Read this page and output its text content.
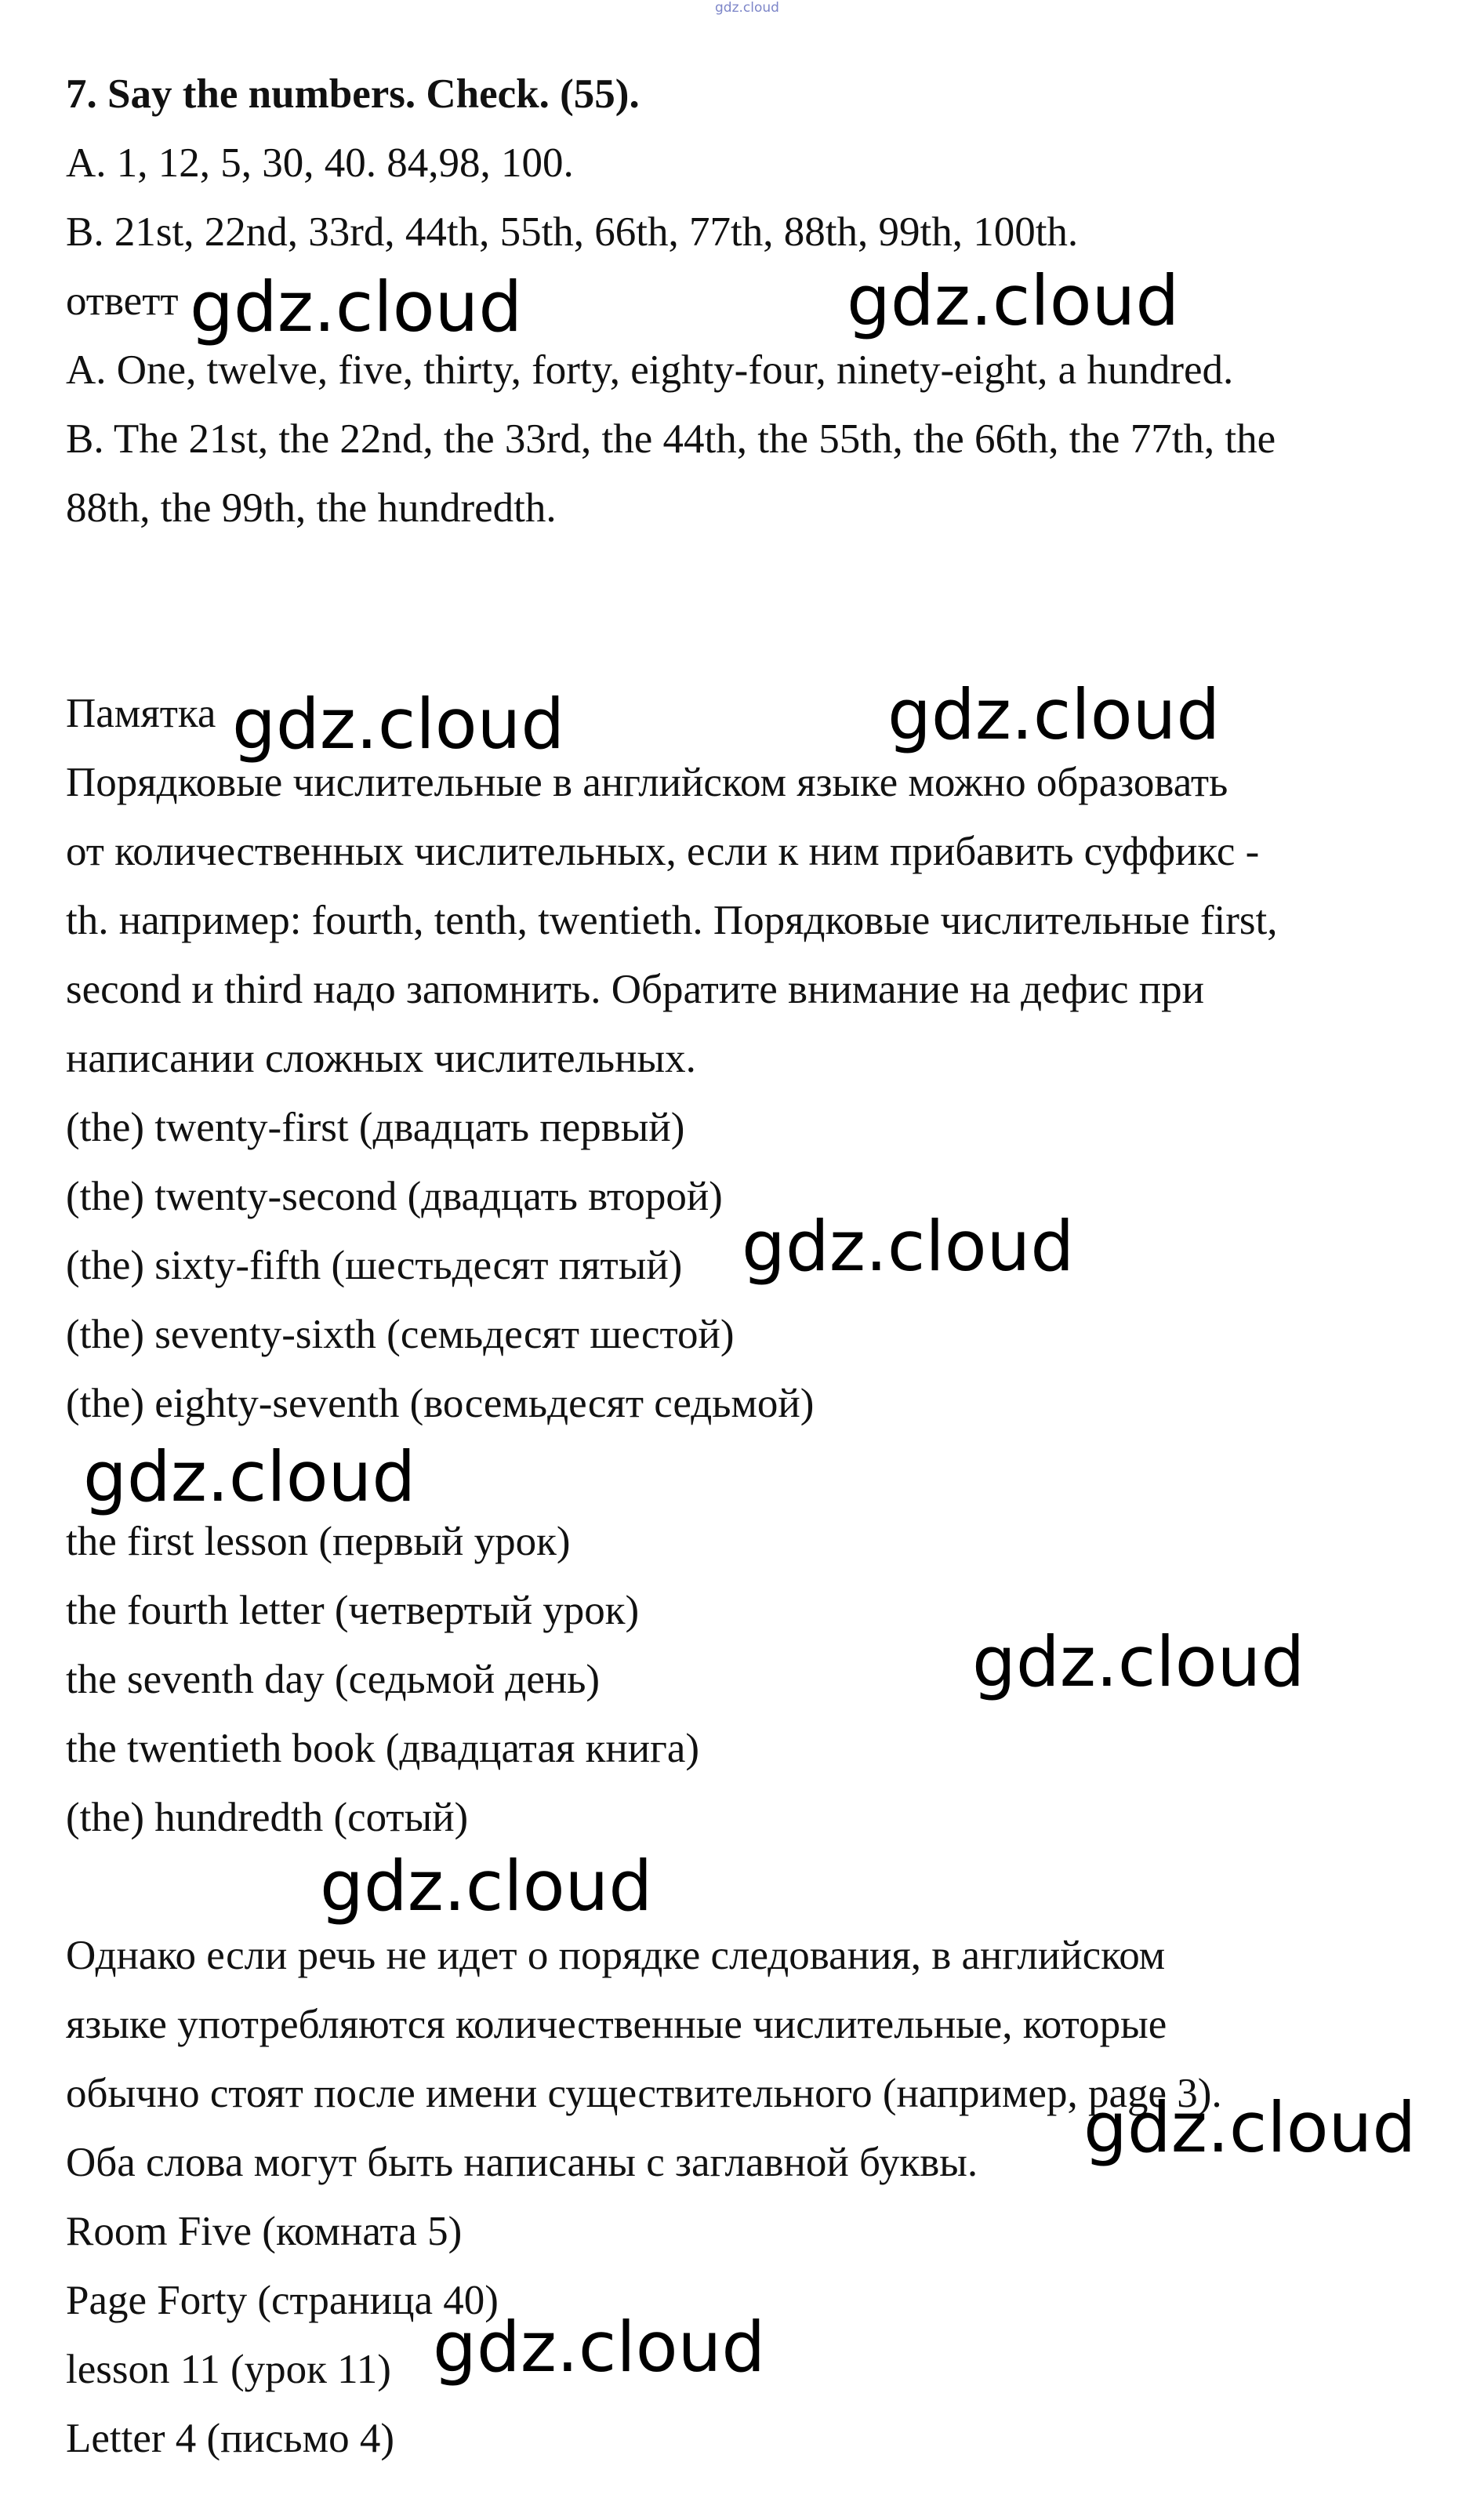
gdz.cloud

7. Say the numbers. Check. (55).

A. 1, 12, 5, 30, 40. 84,98, 100.

B. 21st, 22nd, 33rd, 44th, 55th, 66th, 77th, 88th, 99th, 100th.

ответт

A. One, twelve, five, thirty, forty, eighty-four, ninety-eight, a hundred.

B. The 21st, the 22nd, the 33rd, the 44th, the 55th, the 66th, the 77th, the

88th, the 99th, the hundredth.

Памятка

Порядковые числительные в английском языке можно образовать

от количественных числительных, если к ним прибавить суффикс -

th. например: fourth, tenth, twentieth. Порядковые числительные first,

second и third надо запомнить. Обратите внимание на дефис при

написании сложных числительных.

(the) twenty-first (двадцать первый)

(the) twenty-second (двадцать второй)

(the) sixty-fifth (шестьдесят пятый)

(the) seventy-sixth (семьдесят шестой)

(the) eighty-seventh (восемьдесят седьмой)

the first lesson (первый урок)

the fourth letter (четвертый урок)

the seventh day (седьмой день)

the twentieth book (двадцатая книга)

(the) hundredth (сотый)

Однако если речь не идет о порядке следования, в английском

языке употребляются количественные числительные, которые

обычно стоят после имени существительного (например, page 3).

Оба слова могут быть написаны с заглавной буквы.

Room Five (комната 5)

Page Forty (страница 40)

lesson 11 (урок 11)

Letter 4 (письмо 4)

gdz.cloud	gdz.cloud
gdz.cloud	gdz.cloud
gdz.cloud
gdz.cloud
gdz.cloud
gdz.cloud
gdz.cloud
gdz.cloud
